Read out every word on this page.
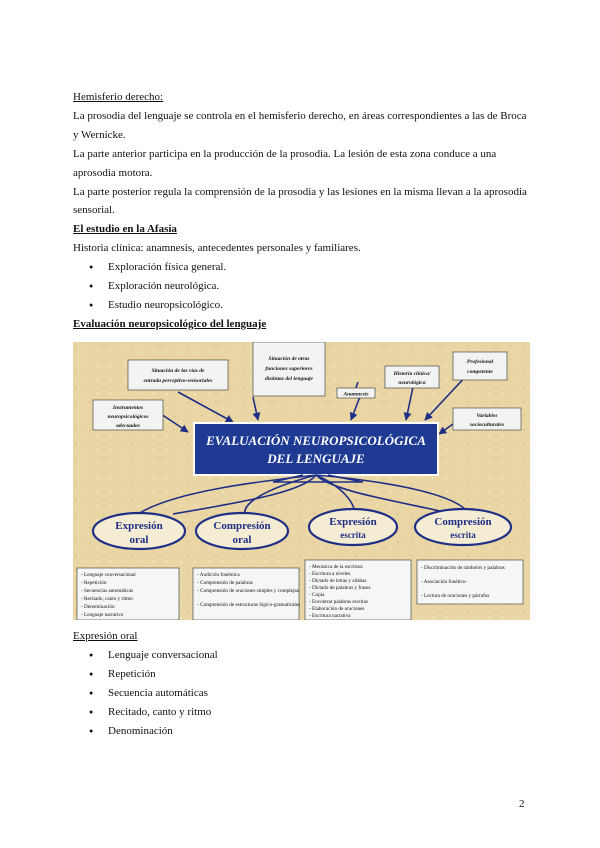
Hemisferio derecho:

La prosodia del lenguaje se controla en el hemisferio derecho, en áreas correspondientes a las de Broca y Wernicke.

La parte anterior participa en la producción de la prosodia. La lesión de esta zona conduce a una aprosodia motora.

La parte posterior regula la comprensión de la prosodia y las lesiones en la misma llevan a la aprosodia sensorial.

El estudio en la Afasia

Historia clínica: anamnesis, antecedentes personales y familiares.

● Exploración física general.
● Exploración neurológica.
● Estudio neuropsicológico.

Evaluación neuropsicológico del lenguaje

Situación de las vías de
entrada perceptivo-sensoriales
Situación de otras
funciones superiores
distintas del lenguaje
Anamnesis
Historia clínica/
neurológica
Profesional
competente
Instrumentos
neuropsicológicos
adecuados
Variables
socioculturales
EVALUACIÓN NEUROPSICOLÓGICA
DEL LENGUAJE
Expresión
oral
Compresión
oral
Expresión
escrita
Compresión
escrita
- Lenguaje conversacional
- Repetición
- Secuencias automáticas
- Recitado, canto y ritmo
- Denominación
- Lenguaje narrativo
- Audición fonémica
- Comprensión de palabras
- Comprensión de oraciones simples y complejas
- Comprensión de estructuras lógico-gramaticales
- Mecánica de la escritura
- Escritura a niveles
- Dictado de letras y sílabas
- Dictado de palabras y frases
- Copia
- Encontrar palabras escritas
- Elaboración de oraciones
- Escritura narrativa
- Discriminación de símbolos y palabras
- Asociación fonético-
- Lectura de oraciones y párrafos

Expresión oral

● Lenguaje conversacional
● Repetición
● Secuencia automáticas
● Recitado, canto y ritmo
● Denominación
2
